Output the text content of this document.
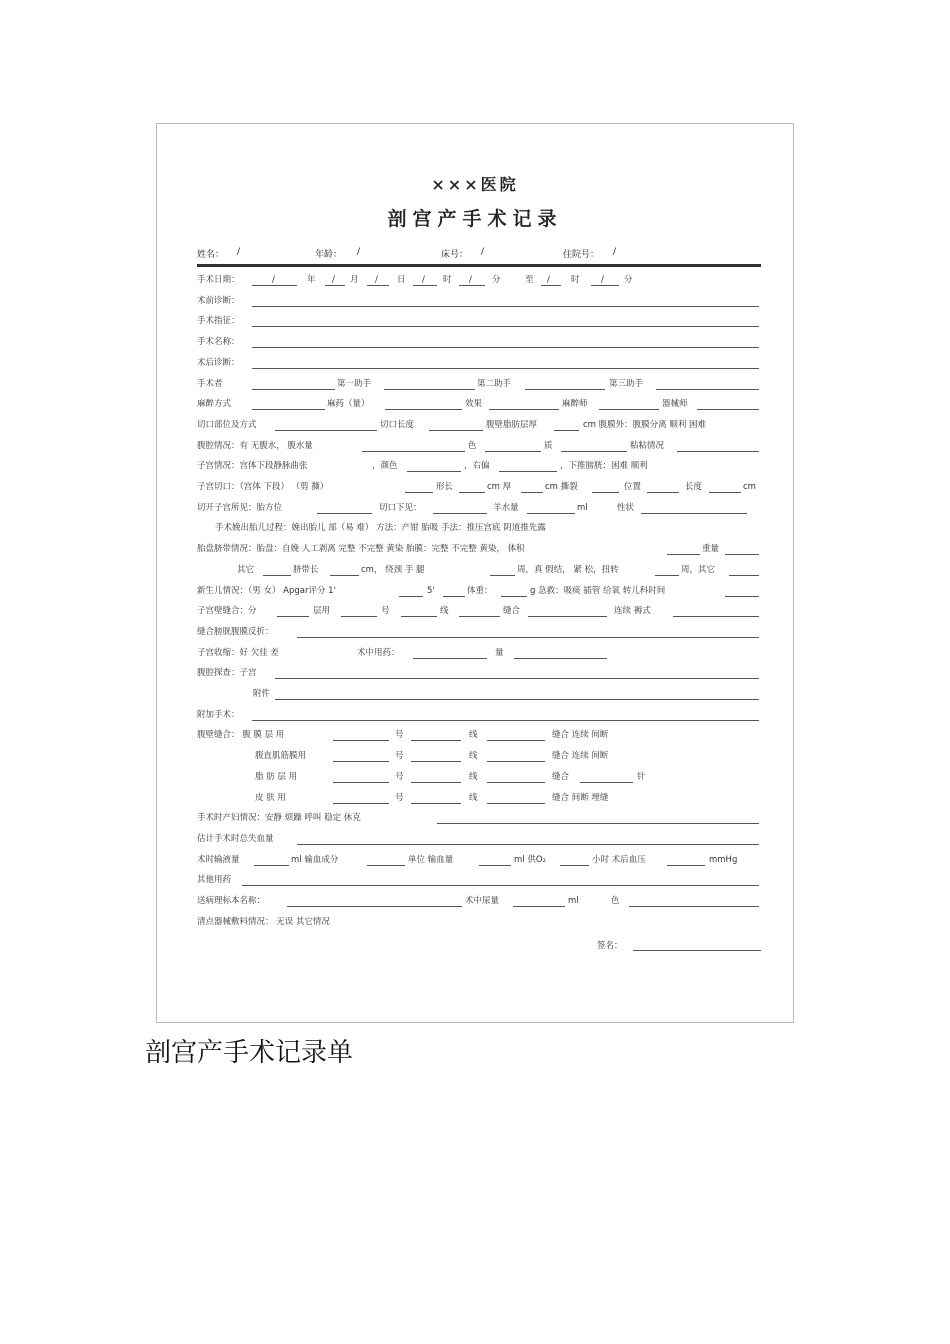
×××医院
剖宫产手术记录
姓名： /	年龄： /	床号： /	住院号： /
手术日期：	/	年 / 月 / 日 / 时 / 分	至 / 时	/ 分
术前诊断：
手术指征：
手术名称：
术后诊断：
手术者	第一助手	第二助手	第三助手
麻醉方式	麻药（量）	效果	麻醉师	器械师
切口部位及方式	切口长度	腹壁脂肪层厚	cm 腹膜外：腹膜分离 顺利 困难
腹腔情况：有 无腹水， 腹水量	色	质	粘粘情况
子宫情况：宫体下段静脉曲张	，颜色	，右偏	，下推膀胱：困难 顺利
子宫切口：（宫体 下段） （剪 撕）	形长	cm 厚	cm 撕裂	位置	长度	cm
切开子宫所见：胎方位	切口下见：	羊水量	ml	性状
手术娩出胎儿过程：娩出胎儿 部（易 难） 方法：产钳 胎吸 手法：推压宫底 阴道推先露
胎盘脐带情况：胎盘：自娩 人工剥离 完整 不完整 黄染 胎膜：完整 不完整 黄染， 体积	重量
其它	脐带长	cm， 绕颈 手 腿	周，真 假结， 紧 松，扭转	周，其它
新生儿情况：（男 女） Apgar评分 1'	5'	体重：	g 急救：吸痰 插管 给氧 转儿科时间
子宫壁缝合：分	层用	号	线	缝合	连续 褥式
缝合膀胱腹膜反折：
子宫收缩：好 欠佳 差	术中用药：	量
腹腔探查：子宫
附件
附加手术：
腹壁缝合： 腹 膜 层 用	号	线	缝合 连续 间断
腹直肌筋膜用	号	线	缝合 连续 间断
脂 肪 层 用	号	线	缝合	针
皮 肤 用	号	线	缝合 间断 埋缝
手术时产妇情况：安静 烦躁 呼叫 稳定 休克
估计手术时总失血量
术时输液量	ml 输血成分	单位 输血量	ml 供O₂	小时 术后血压	mmHg
其他用药
送病理标本名称：	术中尿量	ml	色
清点器械敷料情况： 无误 其它情况
签名：
剖宫产手术记录单
